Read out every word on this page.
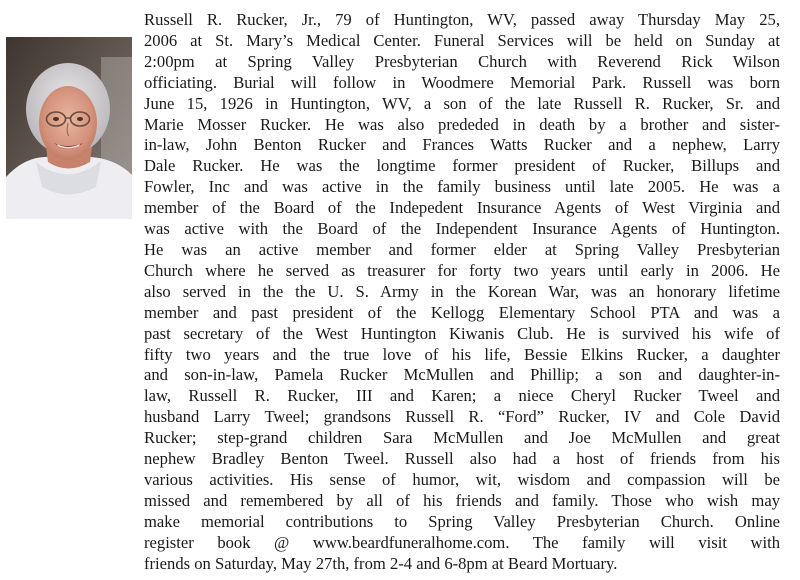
Russell R. Rucker, Jr., 79 of Huntington, WV, passed away Thursday May 25,
2006 at St. Mary’s Medical Center. Funeral Services will be held on Sunday at
2:00pm at Spring Valley Presbyterian Church with Reverend Rick Wilson
officiating. Burial will follow in Woodmere Memorial Park. Russell was born
June 15, 1926 in Huntington, WV, a son of the late Russell R. Rucker, Sr. and
Marie Mosser Rucker. He was also prededed in death by a brother and sister-
in-law, John Benton Rucker and Frances Watts Rucker and a nephew, Larry
Dale Rucker. He was the longtime former president of Rucker, Billups and
Fowler, Inc and was active in the family business until late 2005. He was a
member of the Board of the Indepedent Insurance Agents of West Virginia and
was active with the Board of the Independent Insurance Agents of Huntington.
He was an active member and former elder at Spring Valley Presbyterian
Church where he served as treasurer for forty two years until early in 2006. He
also served in the the U. S. Army in the Korean War, was an honorary lifetime
member and past president of the Kellogg Elementary School PTA and was a
past secretary of the West Huntington Kiwanis Club. He is survived his wife of
fifty two years and the true love of his life, Bessie Elkins Rucker, a daughter
and son-in-law, Pamela Rucker McMullen and Phillip; a son and daughter-in-
law, Russell R. Rucker, III and Karen; a niece Cheryl Rucker Tweel and
husband Larry Tweel; grandsons Russell R. “Ford” Rucker, IV and Cole David
Rucker; step-grand children Sara McMullen and Joe McMullen and great
nephew Bradley Benton Tweel. Russell also had a host of friends from his
various activities. His sense of humor, wit, wisdom and compassion will be
missed and remembered by all of his friends and family. Those who wish may
make memorial contributions to Spring Valley Presbyterian Church. Online
register book @ www.beardfuneralhome.com. The family will visit with
friends on Saturday, May 27th, from 2-4 and 6-8pm at Beard Mortuary.
